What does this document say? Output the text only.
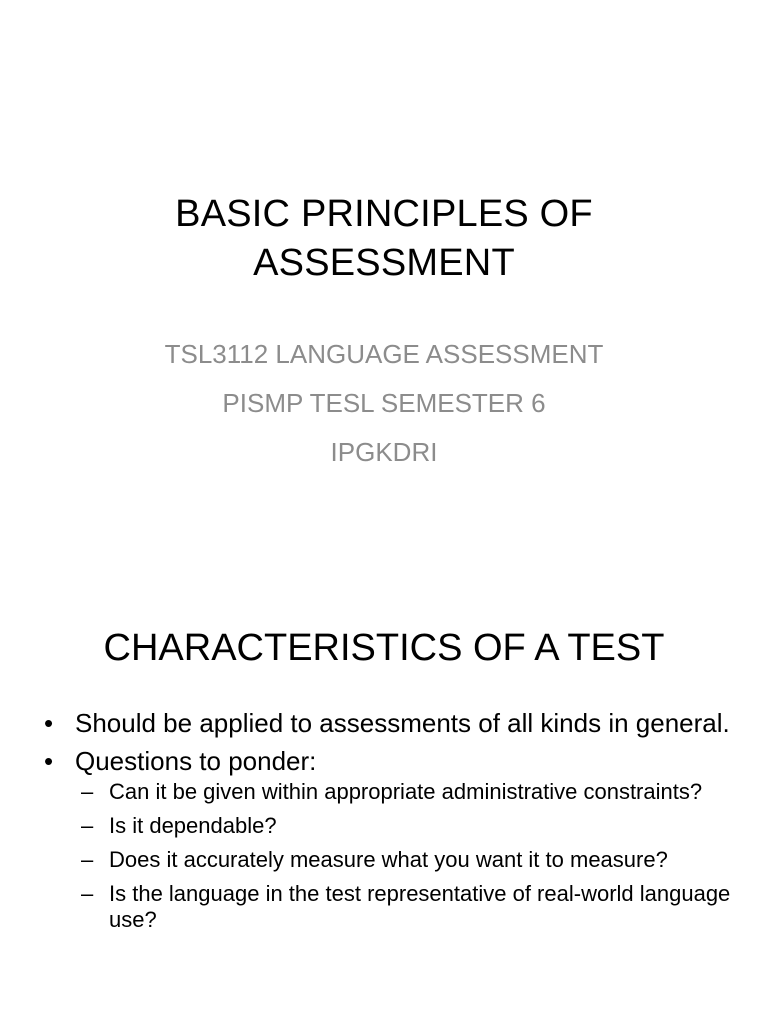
BASIC PRINCIPLES OF
ASSESSMENT
TSL3112 LANGUAGE ASSESSMENT
PISMP TESL SEMESTER 6
IPGKDRI
CHARACTERISTICS OF A TEST
• Should be applied to assessments of all kinds in general.
• Questions to ponder:
– Can it be given within appropriate administrative constraints?
– Is it dependable?
– Does it accurately measure what you want it to measure?
– Is the language in the test representative of real-world language use?
